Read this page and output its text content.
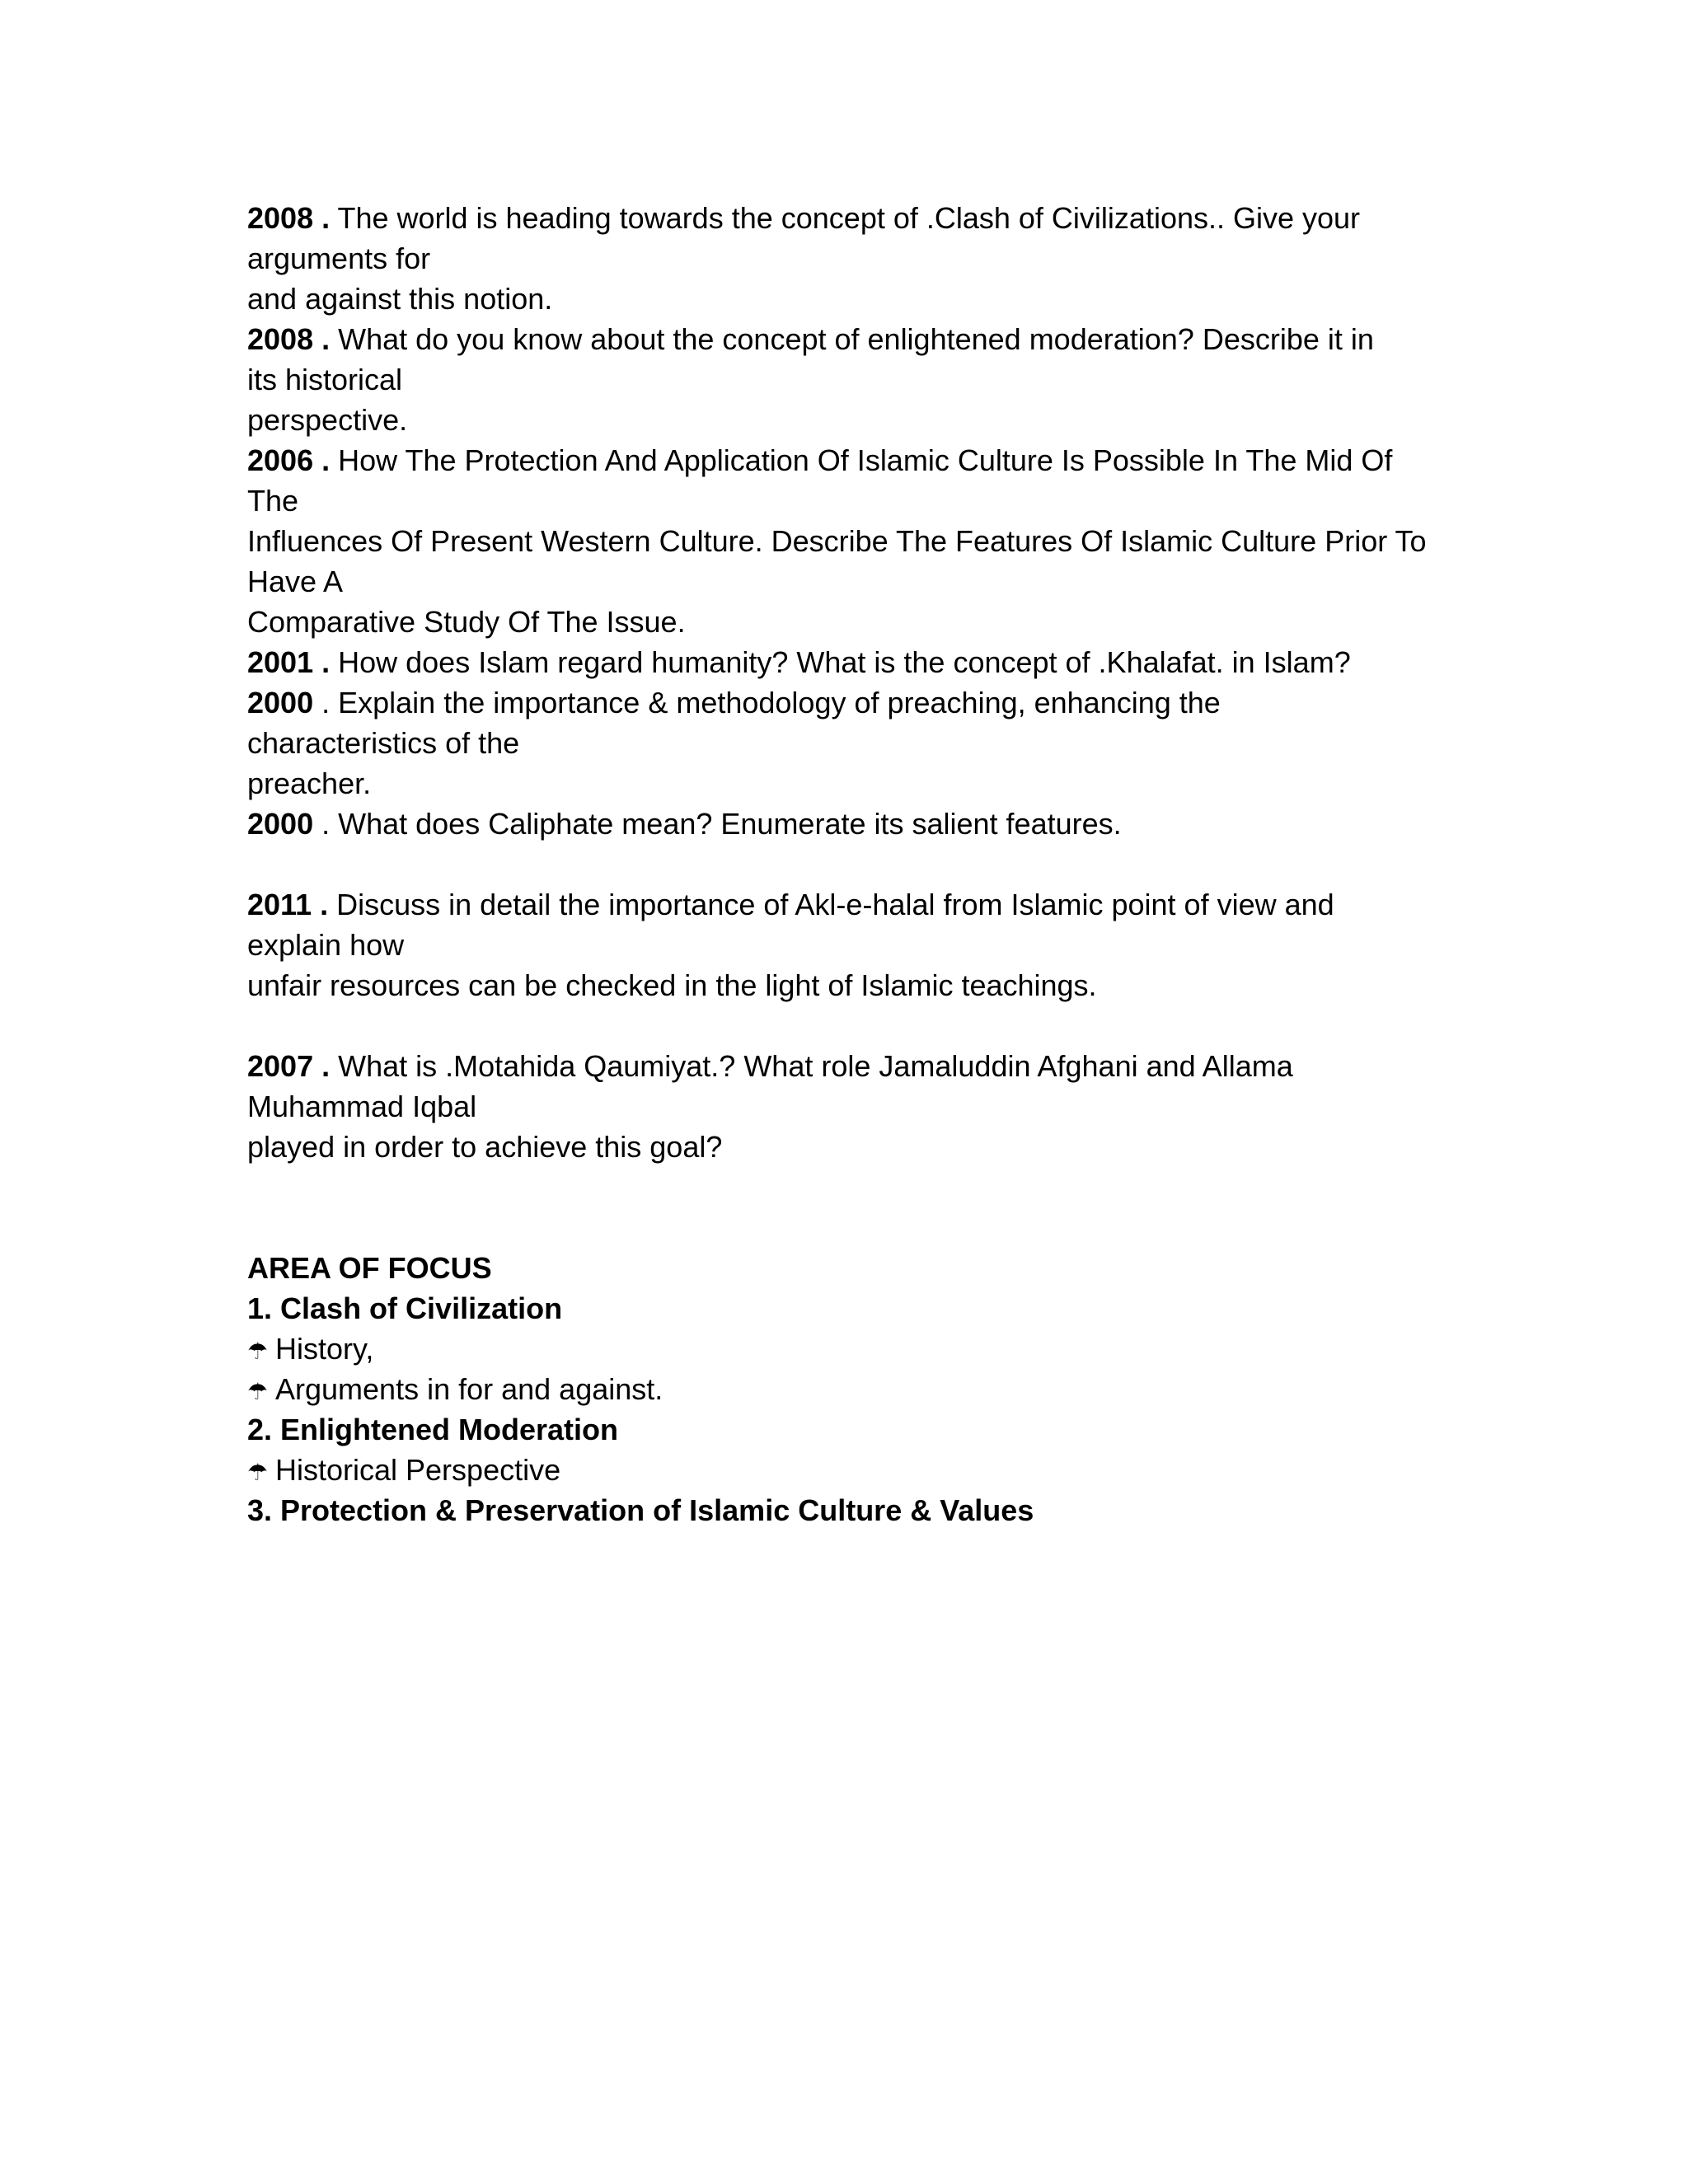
2008 . The world is heading towards the concept of .Clash of Civilizations.. Give your
arguments for
and against this notion.
2008 . What do you know about the concept of enlightened moderation? Describe it in
its historical
perspective.
2006 . How The Protection And Application Of Islamic Culture Is Possible In The Mid Of
The
Influences Of Present Western Culture. Describe The Features Of Islamic Culture Prior To
Have A
Comparative Study Of The Issue.
2001 . How does Islam regard humanity? What is the concept of .Khalafat. in Islam?
2000 . Explain the importance & methodology of preaching, enhancing the
characteristics of the
preacher.
2000 . What does Caliphate mean? Enumerate its salient features.
2011 . Discuss in detail the importance of Akl-e-halal from Islamic point of view and
explain how
unfair resources can be checked in the light of Islamic teachings.
2007 . What is .Motahida Qaumiyat.? What role Jamaluddin Afghani and Allama
Muhammad Iqbal
played in order to achieve this goal?
AREA OF FOCUS
1. Clash of Civilization
☂ History,
☂ Arguments in for and against.
2. Enlightened Moderation
☂ Historical Perspective
3. Protection & Preservation of Islamic Culture & Values
